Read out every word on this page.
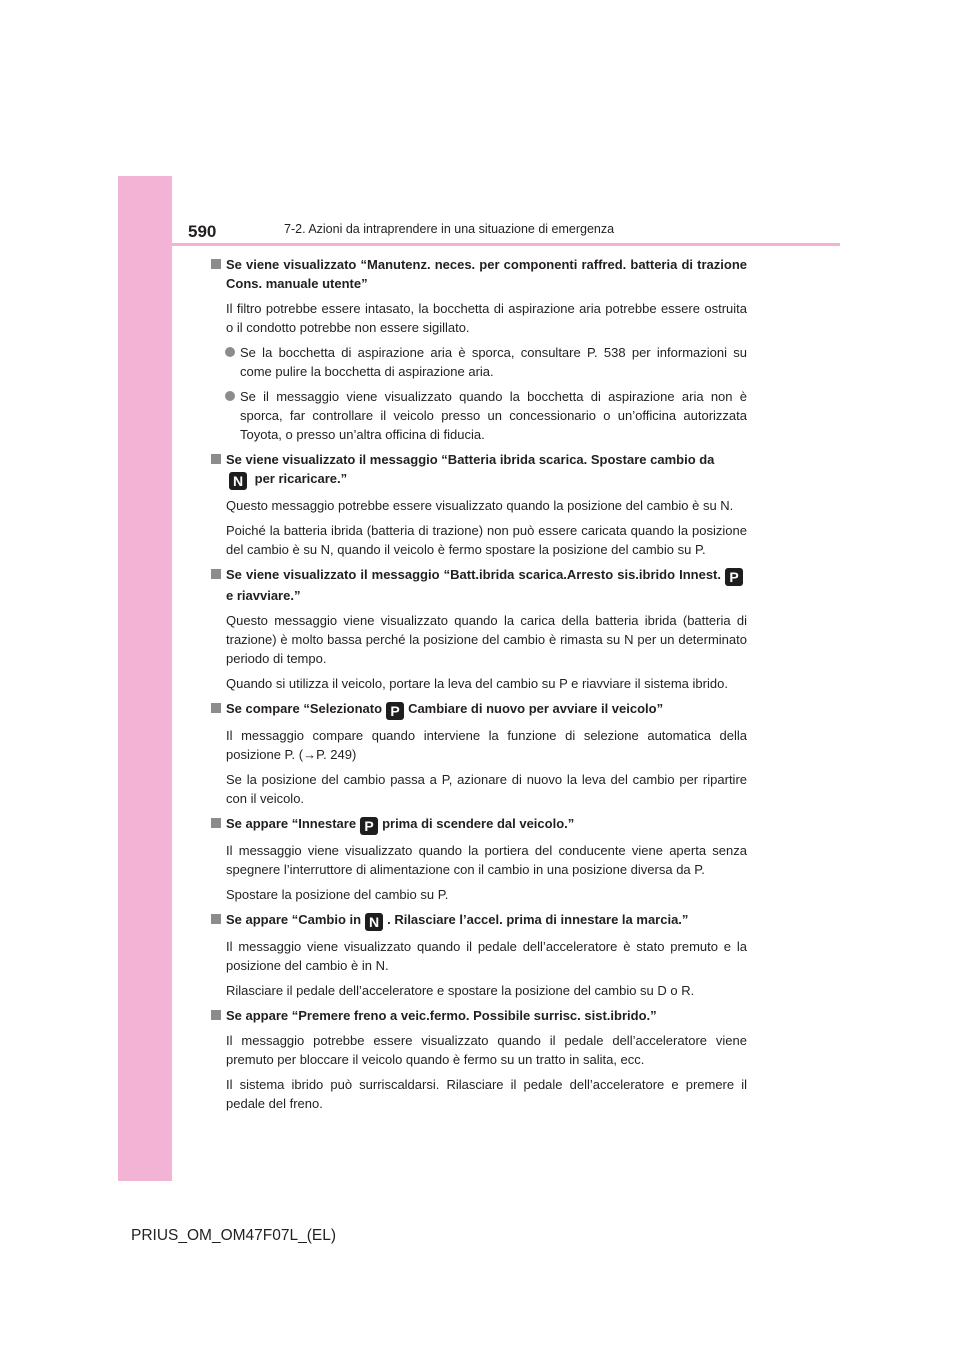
590	7-2. Azioni da intraprendere in una situazione di emergenza
Se viene visualizzato “Manutenz. neces. per componenti raffred. batteria di trazione Cons. manuale utente”
Il filtro potrebbe essere intasato, la bocchetta di aspirazione aria potrebbe essere ostruita o il condotto potrebbe non essere sigillato.
Se la bocchetta di aspirazione aria è sporca, consultare P. 538 per informazioni su come pulire la bocchetta di aspirazione aria.
Se il messaggio viene visualizzato quando la bocchetta di aspirazione aria non è sporca, far controllare il veicolo presso un concessionario o un’officina autorizzata Toyota, o presso un’altra officina di fiducia.
Se viene visualizzato il messaggio “Batteria ibrida scarica. Spostare cambio da
N per ricaricare.”
Questo messaggio potrebbe essere visualizzato quando la posizione del cambio è su N.
Poiché la batteria ibrida (batteria di trazione) non può essere caricata quando la posizione del cambio è su N, quando il veicolo è fermo spostare la posizione del cambio su P.
Se viene visualizzato il messaggio “Batt.ibrida scarica.Arresto sis.ibrido Innest. Pe riavviare.”
Questo messaggio viene visualizzato quando la carica della batteria ibrida (batteria di trazione) è molto bassa perché la posizione del cambio è rimasta su N per un determinato periodo di tempo.
Quando si utilizza il veicolo, portare la leva del cambio su P e riavviare il sistema ibrido.
Se compare “Selezionato P Cambiare di nuovo per avviare il veicolo”
Il messaggio compare quando interviene la funzione di selezione automatica della posizione P. (→P. 249)
Se la posizione del cambio passa a P, azionare di nuovo la leva del cambio per ripartire con il veicolo.
Se appare “Innestare P prima di scendere dal veicolo.”
Il messaggio viene visualizzato quando la portiera del conducente viene aperta senza spegnere l’interruttore di alimentazione con il cambio in una posizione diversa da P.
Spostare la posizione del cambio su P.
Se appare “Cambio in N . Rilasciare l’accel. prima di innestare la marcia.”
Il messaggio viene visualizzato quando il pedale dell’acceleratore è stato premuto e la posizione del cambio è in N.
Rilasciare il pedale dell’acceleratore e spostare la posizione del cambio su D o R.
Se appare “Premere freno a veic.fermo. Possibile surrisc. sist.ibrido.”
Il messaggio potrebbe essere visualizzato quando il pedale dell’acceleratore viene premuto per bloccare il veicolo quando è fermo su un tratto in salita, ecc.
Il sistema ibrido può surriscaldarsi. Rilasciare il pedale dell’acceleratore e premere il pedale del freno.
PRIUS_OM_OM47F07L_(EL)
